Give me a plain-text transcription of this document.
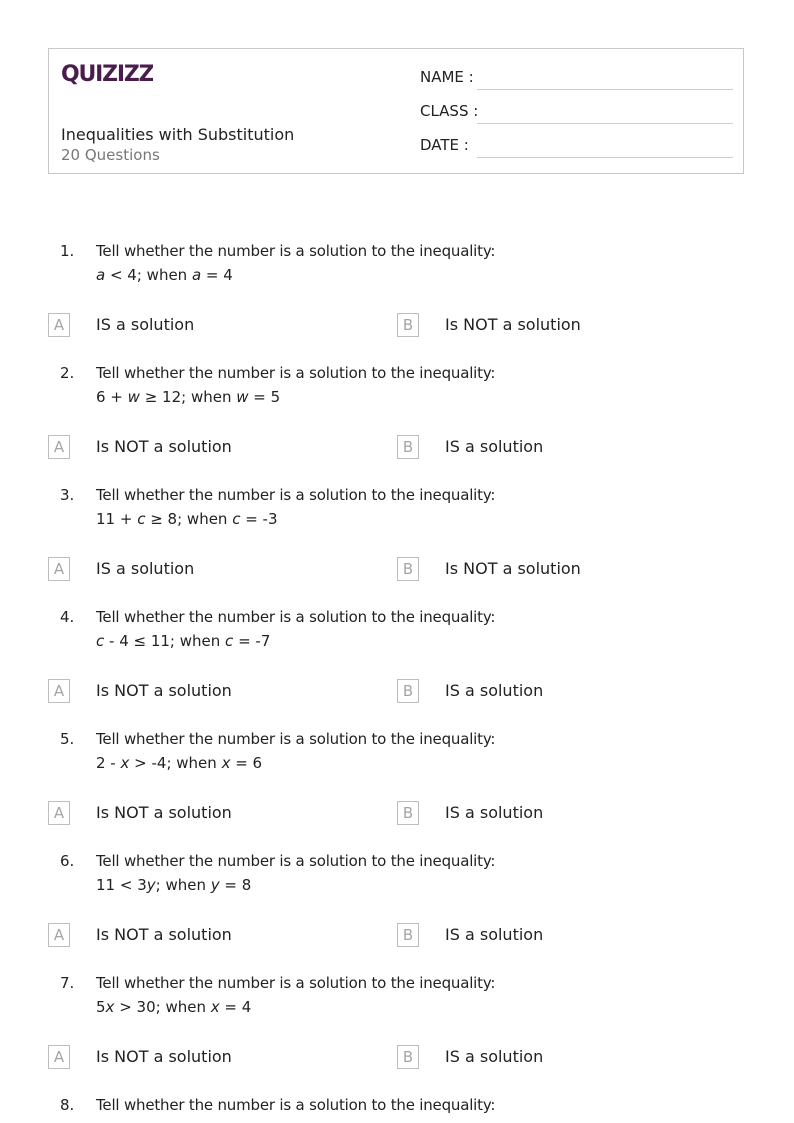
QUIZIZZ
Inequalities with Substitution
20 Questions
NAME :
CLASS :
DATE :
1. Tell whether the number is a solution to the inequality:
a < 4; when a = 4
A	IS a solution	B	Is NOT a solution
2. Tell whether the number is a solution to the inequality:
6 + w ≥ 12; when w = 5
A	Is NOT a solution	B	IS a solution
3. Tell whether the number is a solution to the inequality:
11 + c ≥ 8; when c = -3
A	IS a solution	B	Is NOT a solution
4. Tell whether the number is a solution to the inequality:
c - 4 ≤ 11; when c = -7
A	Is NOT a solution	B	IS a solution
5. Tell whether the number is a solution to the inequality:
2 - x > -4; when x = 6
A	Is NOT a solution	B	IS a solution
6. Tell whether the number is a solution to the inequality:
11 < 3y; when y = 8
A	Is NOT a solution	B	IS a solution
7. Tell whether the number is a solution to the inequality:
5x > 30; when x = 4
A	Is NOT a solution	B	IS a solution
8. Tell whether the number is a solution to the inequality:
